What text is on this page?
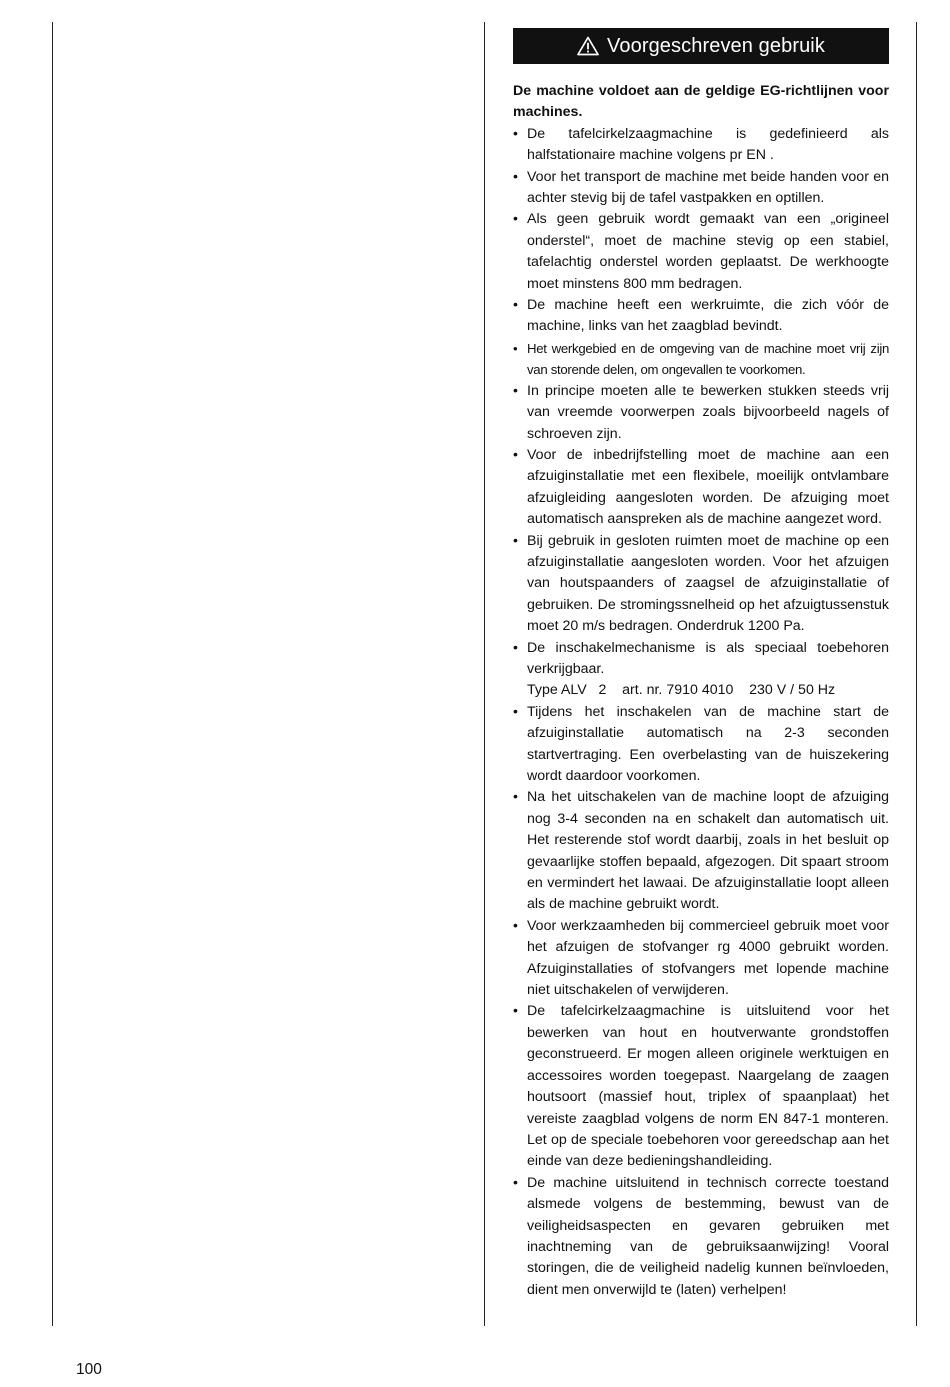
Voorgeschreven gebruik
De machine voldoet aan de geldige EG-richtlijnen voor machines.
• De tafelcirkelzaagmachine is gedefinieerd als halfstationaire machine volgens pr EN .
• Voor het transport de machine met beide handen voor en achter stevig bij de tafel vastpakken en optillen.
• Als geen gebruik wordt gemaakt van een „origineel onderstel“, moet de machine stevig op een stabiel, tafelachtig onderstel worden geplaatst. De werkhoogte moet minstens 800 mm bedragen.
• De machine heeft een werkruimte, die zich vóór de machine, links van het zaagblad bevindt.
• Het werkgebied en de omgeving van de machine moet vrij zijn van storende delen, om ongevallen te voorkomen.
• In principe moeten alle te bewerken stukken steeds vrij van vreemde voorwerpen zoals bijvoorbeeld nagels of schroeven zijn.
• Voor de inbedrijfstelling moet de machine aan een afzuiginstallatie met een flexibele, moeilijk ontvlambare afzuigleiding aangesloten worden. De afzuiging moet automatisch aanspreken als de machine aangezet word.
• Bij gebruik in gesloten ruimten moet de machine op een afzuiginstallatie aangesloten worden. Voor het afzuigen van houtspaanders of zaagsel de afzuiginstallatie of gebruiken. De stromingssnelheid op het afzuigtussenstuk moet 20 m/s bedragen. Onderdruk 1200 Pa.
• De inschakelmechanisme is als speciaal toebehoren verkrijgbaar.
Type ALV   2    art. nr. 7910 4010    230 V / 50 Hz
• Tijdens het inschakelen van de machine start de afzuiginstallatie automatisch na 2-3 seconden startvertraging. Een overbelasting van de huiszekering wordt daardoor voorkomen.
• Na het uitschakelen van de machine loopt de afzuiging nog 3-4 seconden na en schakelt dan automatisch uit. Het resterende stof wordt daarbij, zoals in het besluit op gevaarlijke stoffen bepaald, afgezogen. Dit spaart stroom en vermindert het lawaai. De afzuiginstallatie loopt alleen als de machine gebruikt wordt.
• Voor werkzaamheden bij commercieel gebruik moet voor het afzuigen de stofvanger rg 4000 gebruikt worden. Afzuiginstallaties of stofvangers met lopende machine niet uitschakelen of verwijderen.
• De tafelcirkelzaagmachine is uitsluitend voor het bewerken van hout en houtverwante grondstoffen geconstrueerd. Er mogen alleen originele werktuigen en accessoires worden toegepast. Naargelang de zaagen houtsoort (massief hout, triplex of spaanplaat) het vereiste zaagblad volgens de norm EN 847-1 monteren. Let op de speciale toebehoren voor gereedschap aan het einde van deze bedieningshandleiding.
• De machine uitsluitend in technisch correcte toestand alsmede volgens de bestemming, bewust van de veiligheidsaspecten en gevaren gebruiken met inachtneming van de gebruiksaanwijzing! Vooral storingen, die de veiligheid nadelig kunnen beïnvloeden, dient men onverwijld te (laten) verhelpen!
100
